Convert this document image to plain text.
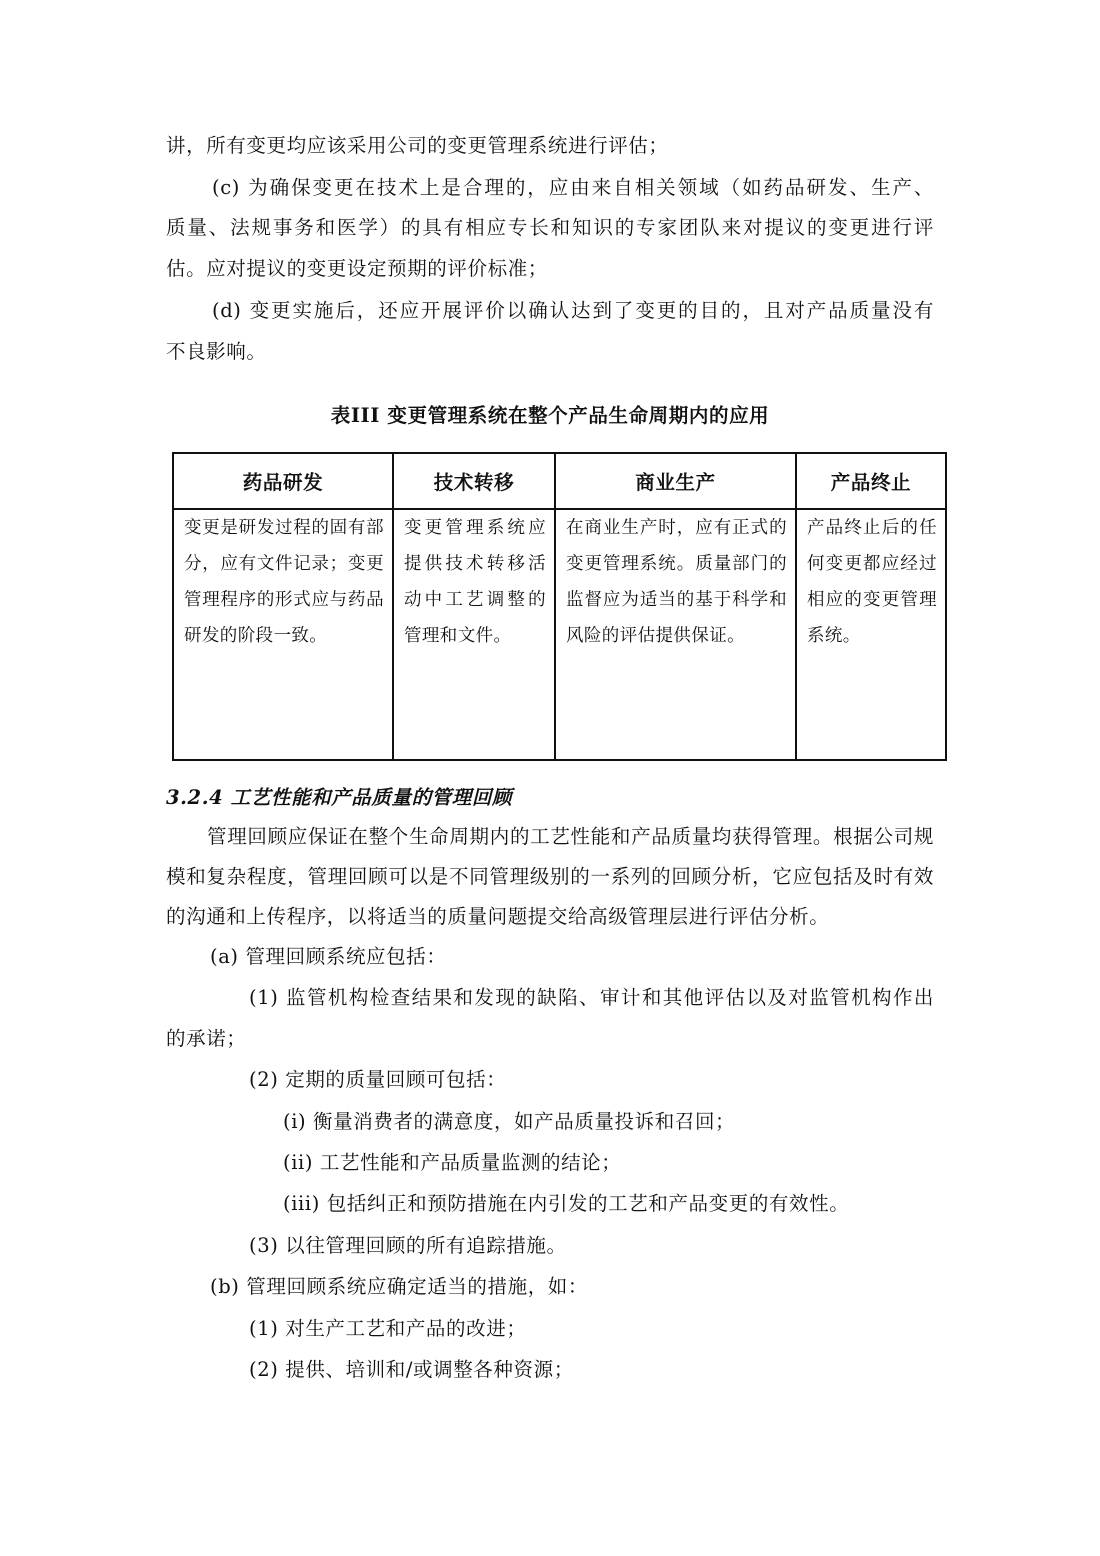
讲，所有变更均应该采用公司的变更管理系统进行评估；
(c) 为确保变更在技术上是合理的，应由来自相关领域（如药品研发、生产、
质量、法规事务和医学）的具有相应专长和知识的专家团队来对提议的变更进行评
估。应对提议的变更设定预期的评价标准；
(d) 变更实施后，还应开展评价以确认达到了变更的目的，且对产品质量没有
不良影响。
表III 变更管理系统在整个产品生命周期内的应用
药品研发	技术转移	商业生产	产品终止
变更是研发过程的固有部分，应有文件记录；变更管理程序的形式应与药品研发的阶段一致。	变更管理系统应提供技术转移活动中工艺调整的管理和文件。	在商业生产时，应有正式的变更管理系统。质量部门的监督应为适当的基于科学和风险的评估提供保证。	产品终止后的任何变更都应经过相应的变更管理系统。
3.2.4 工艺性能和产品质量的管理回顾
管理回顾应保证在整个生命周期内的工艺性能和产品质量均获得管理。根据公司规
模和复杂程度，管理回顾可以是不同管理级别的一系列的回顾分析，它应包括及时有效
的沟通和上传程序，以将适当的质量问题提交给高级管理层进行评估分析。
(a) 管理回顾系统应包括：
(1) 监管机构检查结果和发现的缺陷、审计和其他评估以及对监管机构作出
的承诺；
(2) 定期的质量回顾可包括：
(i) 衡量消费者的满意度，如产品质量投诉和召回；
(ii) 工艺性能和产品质量监测的结论；
(iii) 包括纠正和预防措施在内引发的工艺和产品变更的有效性。
(3) 以往管理回顾的所有追踪措施。
(b) 管理回顾系统应确定适当的措施，如：
(1) 对生产工艺和产品的改进；
(2) 提供、培训和/或调整各种资源；
